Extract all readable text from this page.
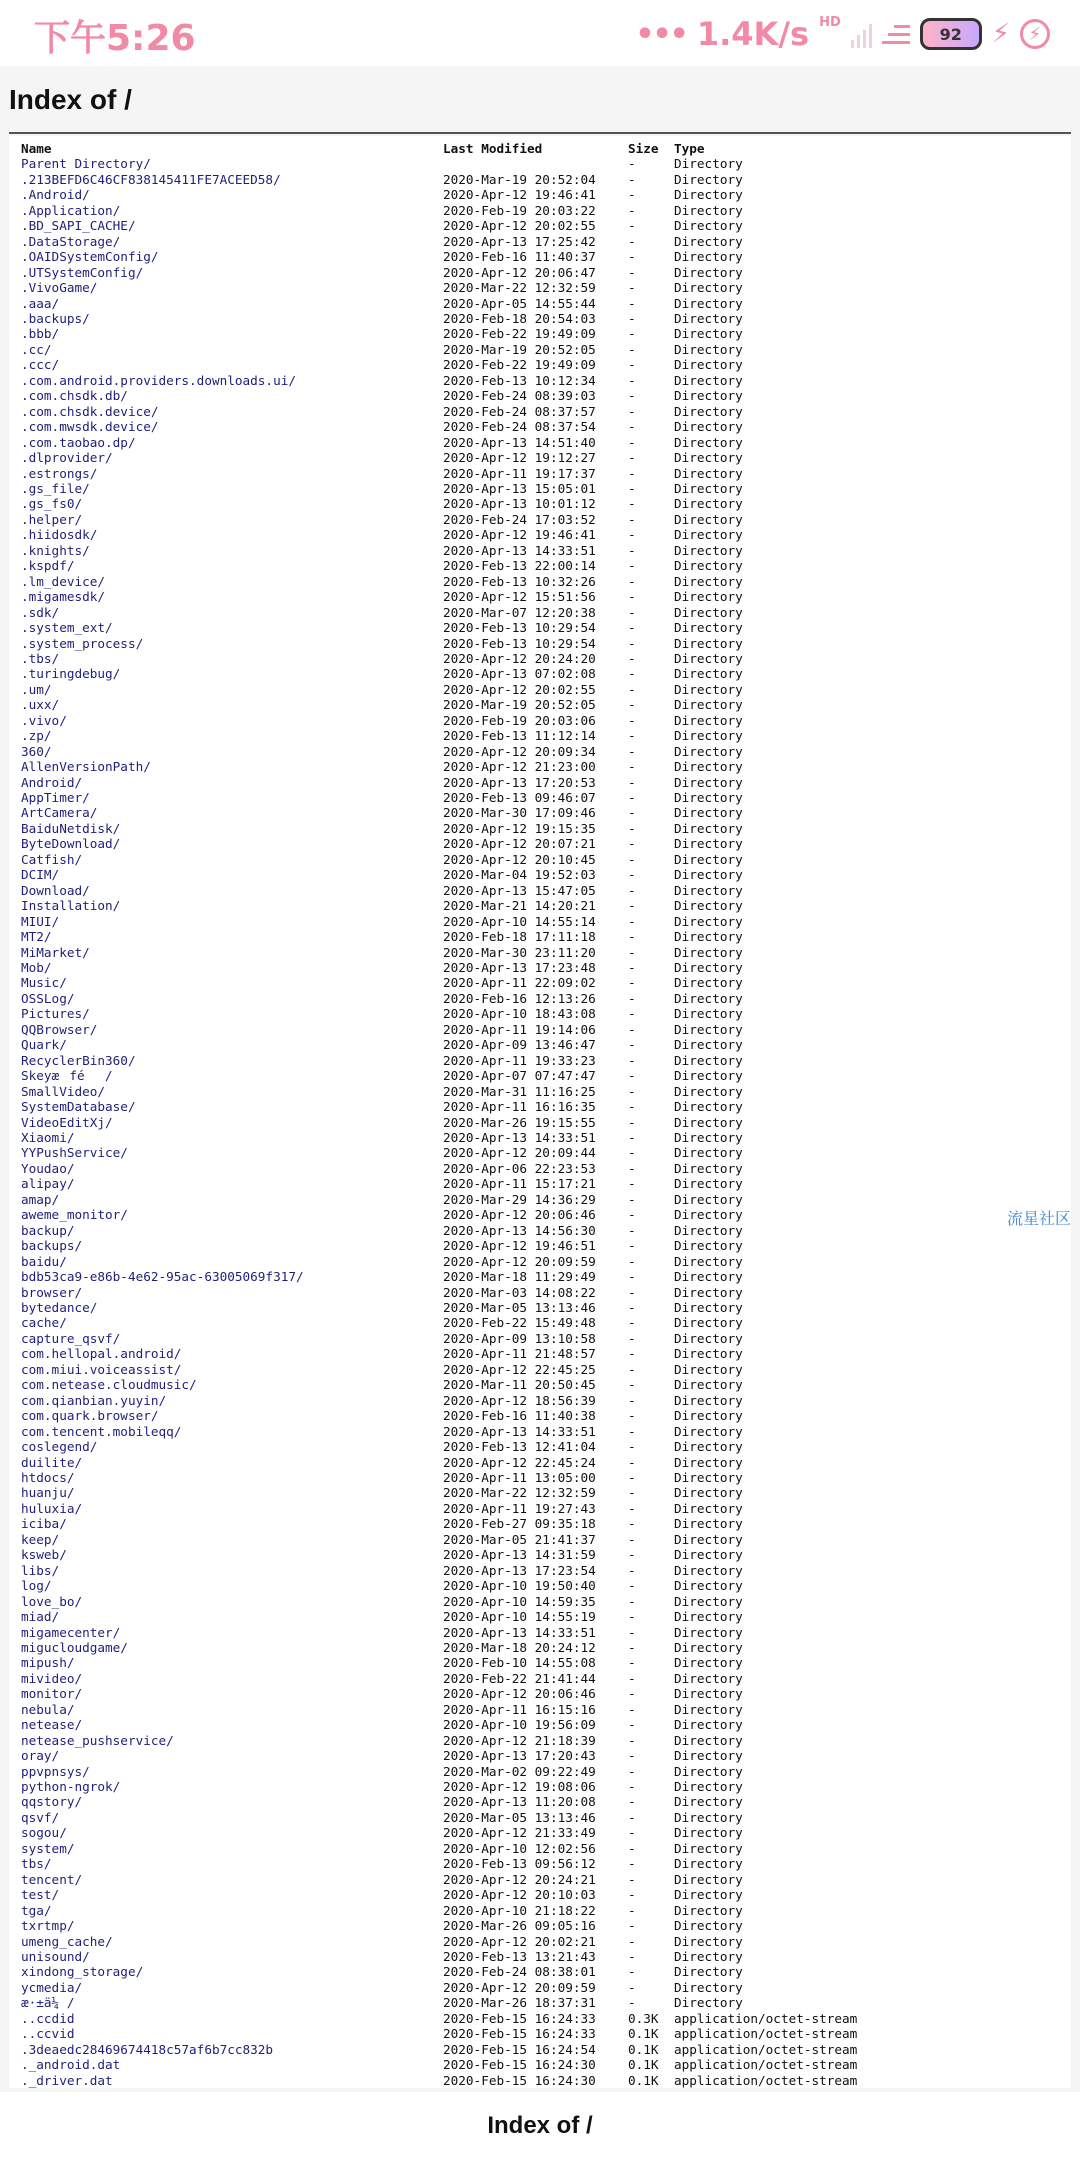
下午5:26	••• 1.4K/s HD
92	⚡	⚡
Index of /
Name	Last Modified	Size	Type
Parent Directory/		-	Directory
.213BEFD6C46CF838145411FE7ACEED58/	2020-Mar-19 20:52:04	-	Directory
.Android/	2020-Apr-12 19:46:41	-	Directory
.Application/	2020-Feb-19 20:03:22	-	Directory
.BD_SAPI_CACHE/	2020-Apr-12 20:02:55	-	Directory
.DataStorage/	2020-Apr-13 17:25:42	-	Directory
.OAIDSystemConfig/	2020-Feb-16 11:40:37	-	Directory
.UTSystemConfig/	2020-Apr-12 20:06:47	-	Directory
.VivoGame/	2020-Mar-22 12:32:59	-	Directory
.aaa/	2020-Apr-05 14:55:44	-	Directory
.backups/	2020-Feb-18 20:54:03	-	Directory
.bbb/	2020-Feb-22 19:49:09	-	Directory
.cc/	2020-Mar-19 20:52:05	-	Directory
.ccc/	2020-Feb-22 19:49:09	-	Directory
.com.android.providers.downloads.ui/	2020-Feb-13 10:12:34	-	Directory
.com.chsdk.db/	2020-Feb-24 08:39:03	-	Directory
.com.chsdk.device/	2020-Feb-24 08:37:57	-	Directory
.com.mwsdk.device/	2020-Feb-24 08:37:54	-	Directory
.com.taobao.dp/	2020-Apr-13 14:51:40	-	Directory
.dlprovider/	2020-Apr-12 19:12:27	-	Directory
.estrongs/	2020-Apr-11 19:17:37	-	Directory
.gs_file/	2020-Apr-13 15:05:01	-	Directory
.gs_fs0/	2020-Apr-13 10:01:12	-	Directory
.helper/	2020-Feb-24 17:03:52	-	Directory
.hiidosdk/	2020-Apr-12 19:46:41	-	Directory
.knights/	2020-Apr-13 14:33:51	-	Directory
.kspdf/	2020-Feb-13 22:00:14	-	Directory
.lm_device/	2020-Feb-13 10:32:26	-	Directory
.migamesdk/	2020-Apr-12 15:51:56	-	Directory
.sdk/	2020-Mar-07 12:20:38	-	Directory
.system_ext/	2020-Feb-13 10:29:54	-	Directory
.system_process/	2020-Feb-13 10:29:54	-	Directory
.tbs/	2020-Apr-12 20:24:20	-	Directory
.turingdebug/	2020-Apr-13 07:02:08	-	Directory
.um/	2020-Apr-12 20:02:55	-	Directory
.uxx/	2020-Mar-19 20:52:05	-	Directory
.vivo/	2020-Feb-19 20:03:06	-	Directory
.zp/	2020-Feb-13 11:12:14	-	Directory
360/	2020-Apr-12 20:09:34	-	Directory
AllenVersionPath/	2020-Apr-12 21:23:00	-	Directory
Android/	2020-Apr-13 17:20:53	-	Directory
AppTimer/	2020-Feb-13 09:46:07	-	Directory
ArtCamera/	2020-Mar-30 17:09:46	-	Directory
BaiduNetdisk/	2020-Apr-12 19:15:35	-	Directory
ByteDownload/	2020-Apr-12 20:07:21	-	Directory
Catfish/	2020-Apr-12 20:10:45	-	Directory
DCIM/	2020-Mar-04 19:52:03	-	Directory
Download/	2020-Apr-13 15:47:05	-	Directory
Installation/	2020-Mar-21 14:20:21	-	Directory
MIUI/	2020-Apr-10 14:55:14	-	Directory
MT2/	2020-Feb-18 17:11:18	-	Directory
MiMarket/	2020-Mar-30 23:11:20	-	Directory
Mob/	2020-Apr-13 17:23:48	-	Directory
Music/	2020-Apr-11 22:09:02	-	Directory
OSSLog/	2020-Feb-16 12:13:26	-	Directory
Pictures/	2020-Apr-10 18:43:08	-	Directory
QQBrowser/	2020-Apr-11 19:14:06	-	Directory
Quark/	2020-Apr-09 13:46:47	-	Directory
RecyclerBin360/	2020-Apr-11 19:33:23	-	Directory
Skeyæfé/	2020-Apr-07 07:47:47	-	Directory
SmallVideo/	2020-Mar-31 11:16:25	-	Directory
SystemDatabase/	2020-Apr-11 16:16:35	-	Directory
VideoEditXj/	2020-Mar-26 19:15:55	-	Directory
Xiaomi/	2020-Apr-13 14:33:51	-	Directory
YYPushService/	2020-Apr-12 20:09:44	-	Directory
Youdao/	2020-Apr-06 22:23:53	-	Directory
alipay/	2020-Apr-11 15:17:21	-	Directory
amap/	2020-Mar-29 14:36:29	-	Directory
aweme_monitor/	2020-Apr-12 20:06:46	-	Directory
backup/	2020-Apr-13 14:56:30	-	Directory
backups/	2020-Apr-12 19:46:51	-	Directory
baidu/	2020-Apr-12 20:09:59	-	Directory
bdb53ca9-e86b-4e62-95ac-63005069f317/	2020-Mar-18 11:29:49	-	Directory
browser/	2020-Mar-03 14:08:22	-	Directory
bytedance/	2020-Mar-05 13:13:46	-	Directory
cache/	2020-Feb-22 15:49:48	-	Directory
capture_qsvf/	2020-Apr-09 13:10:58	-	Directory
com.hellopal.android/	2020-Apr-11 21:48:57	-	Directory
com.miui.voiceassist/	2020-Apr-12 22:45:25	-	Directory
com.netease.cloudmusic/	2020-Mar-11 20:50:45	-	Directory
com.qianbian.yuyin/	2020-Apr-12 18:56:39	-	Directory
com.quark.browser/	2020-Feb-16 11:40:38	-	Directory
com.tencent.mobileqq/	2020-Apr-13 14:33:51	-	Directory
coslegend/	2020-Feb-13 12:41:04	-	Directory
duilite/	2020-Apr-12 22:45:24	-	Directory
htdocs/	2020-Apr-11 13:05:00	-	Directory
huanju/	2020-Mar-22 12:32:59	-	Directory
huluxia/	2020-Apr-11 19:27:43	-	Directory
iciba/	2020-Feb-27 09:35:18	-	Directory
keep/	2020-Mar-05 21:41:37	-	Directory
ksweb/	2020-Apr-13 14:31:59	-	Directory
libs/	2020-Apr-13 17:23:54	-	Directory
log/	2020-Apr-10 19:50:40	-	Directory
love_bo/	2020-Apr-10 14:59:35	-	Directory
miad/	2020-Apr-10 14:55:19	-	Directory
migamecenter/	2020-Apr-13 14:33:51	-	Directory
migucloudgame/	2020-Mar-18 20:24:12	-	Directory
mipush/	2020-Feb-10 14:55:08	-	Directory
mivideo/	2020-Feb-22 21:41:44	-	Directory
monitor/	2020-Apr-12 20:06:46	-	Directory
nebula/	2020-Apr-11 16:15:16	-	Directory
netease/	2020-Apr-10 19:56:09	-	Directory
netease_pushservice/	2020-Apr-12 21:18:39	-	Directory
oray/	2020-Apr-13 17:20:43	-	Directory
ppvpnsys/	2020-Mar-02 09:22:49	-	Directory
python-ngrok/	2020-Apr-12 19:08:06	-	Directory
qqstory/	2020-Apr-13 11:20:08	-	Directory
qsvf/	2020-Mar-05 13:13:46	-	Directory
sogou/	2020-Apr-12 21:33:49	-	Directory
system/	2020-Apr-10 12:02:56	-	Directory
tbs/	2020-Feb-13 09:56:12	-	Directory
tencent/	2020-Apr-12 20:24:21	-	Directory
test/	2020-Apr-12 20:10:03	-	Directory
tga/	2020-Apr-10 21:18:22	-	Directory
txrtmp/	2020-Mar-26 09:05:16	-	Directory
umeng_cache/	2020-Apr-12 20:02:21	-	Directory
unisound/	2020-Feb-13 13:21:43	-	Directory
xindong_storage/	2020-Feb-24 08:38:01	-	Directory
ycmedia/	2020-Apr-12 20:09:59	-	Directory
æ·±ä¼ /	2020-Mar-26 18:37:31	-	Directory
..ccdid	2020-Feb-15 16:24:33	0.3K	application/octet-stream
..ccvid	2020-Feb-15 16:24:33	0.1K	application/octet-stream
.3deaedc28469674418c57af6b7cc832b	2020-Feb-15 16:24:54	0.1K	application/octet-stream
._android.dat	2020-Feb-15 16:24:30	0.1K	application/octet-stream
._driver.dat	2020-Feb-15 16:24:30	0.1K	application/octet-stream
流星社区
Index of /
